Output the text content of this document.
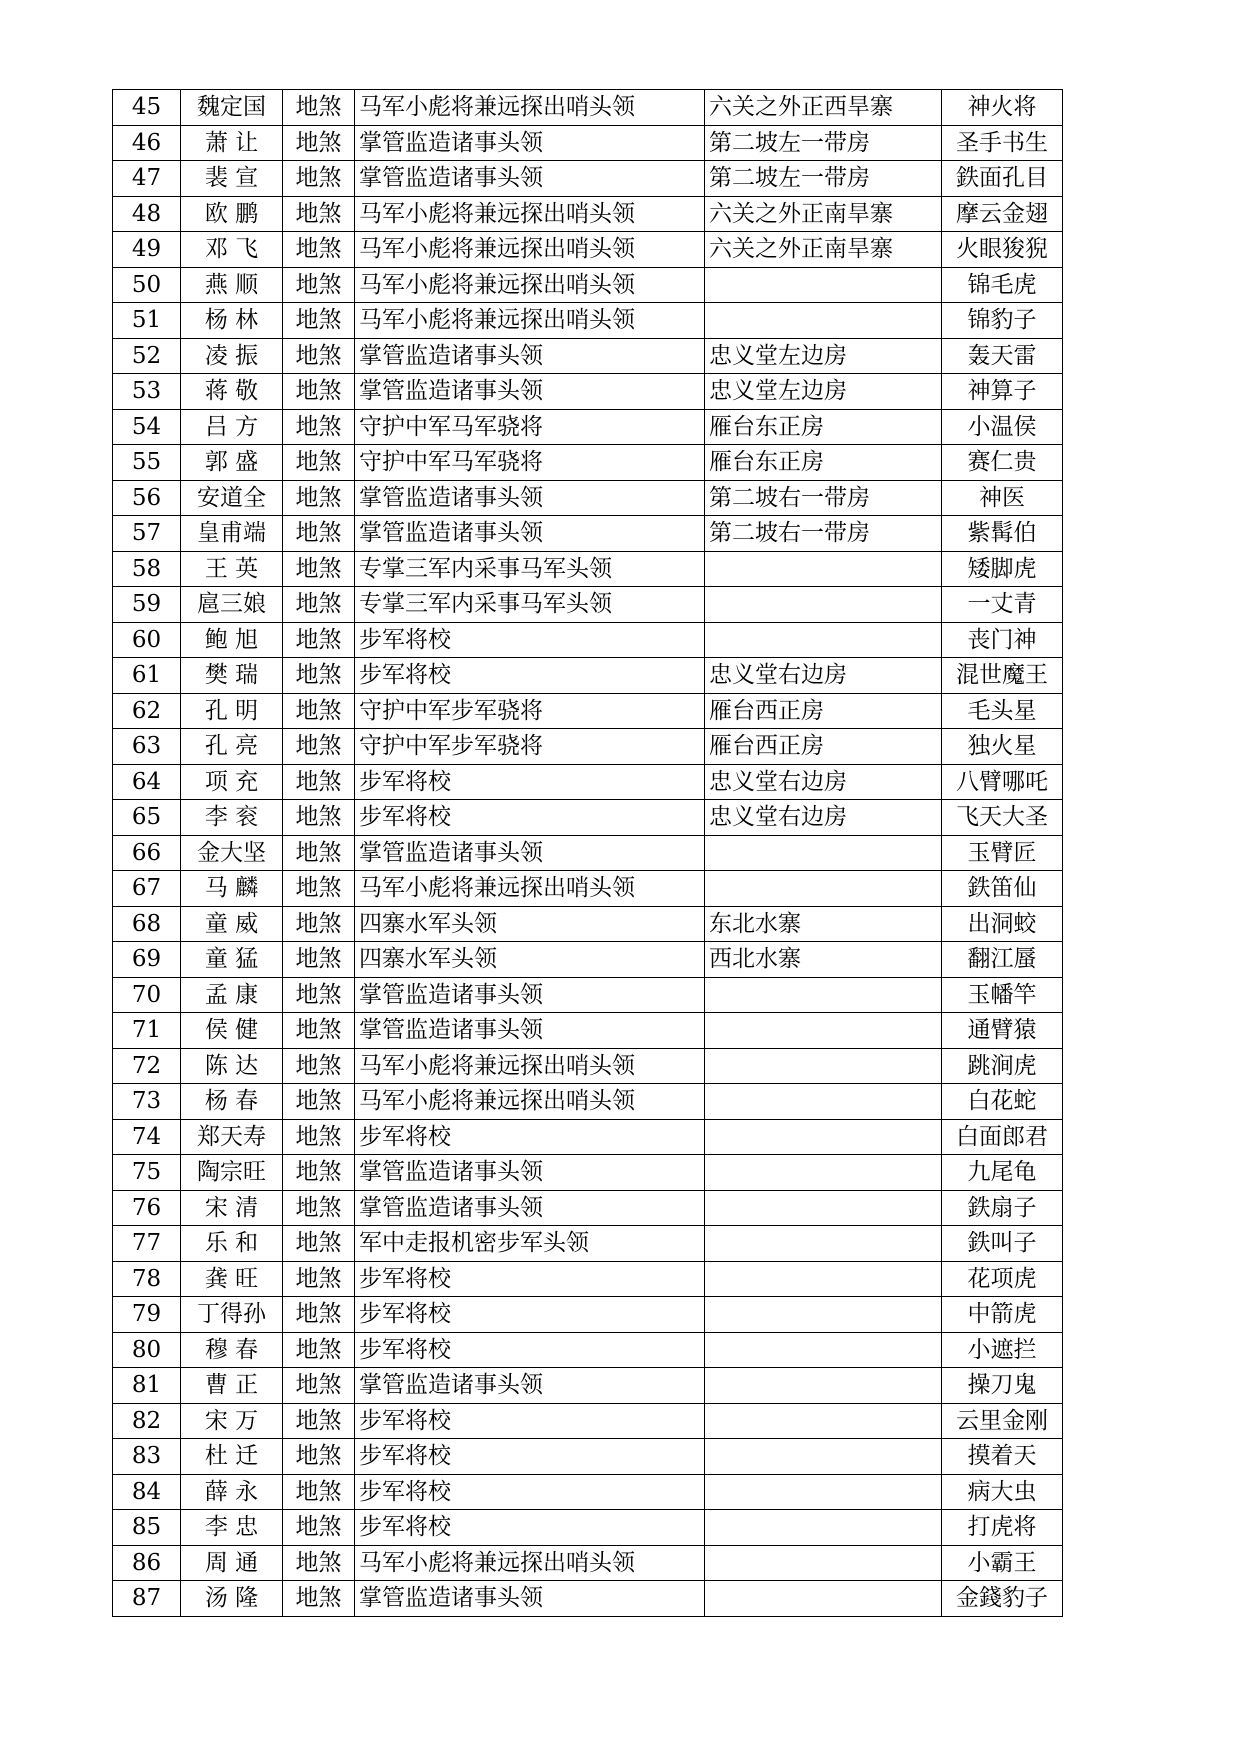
45	魏定国	地煞	马军小彪将兼远探出哨头领	六关之外正西旱寨	神火将
46	萧 让	地煞	掌管监造诸事头领	第二坡左一带房	圣手书生
47	裴 宣	地煞	掌管监造诸事头领	第二坡左一带房	鉄面孔目
48	欧 鹏	地煞	马军小彪将兼远探出哨头领	六关之外正南旱寨	摩云金翅
49	邓 飞	地煞	马军小彪将兼远探出哨头领	六关之外正南旱寨	火眼狻猊
50	燕 顺	地煞	马军小彪将兼远探出哨头领		锦毛虎
51	杨 林	地煞	马军小彪将兼远探出哨头领		锦豹子
52	凌 振	地煞	掌管监造诸事头领	忠义堂左边房	轰天雷
53	蒋 敬	地煞	掌管监造诸事头领	忠义堂左边房	神算子
54	吕 方	地煞	守护中军马军骁将	雁台东正房	小温侯
55	郭 盛	地煞	守护中军马军骁将	雁台东正房	赛仁贵
56	安道全	地煞	掌管监造诸事头领	第二坡右一带房	神医
57	皇甫端	地煞	掌管监造诸事头领	第二坡右一带房	紫髯伯
58	王 英	地煞	专掌三军内采事马军头领		矮脚虎
59	扈三娘	地煞	专掌三军内采事马军头领		一丈青
60	鲍 旭	地煞	步军将校		丧门神
61	樊 瑞	地煞	步军将校	忠义堂右边房	混世魔王
62	孔 明	地煞	守护中军步军骁将	雁台西正房	毛头星
63	孔 亮	地煞	守护中军步军骁将	雁台西正房	独火星
64	项 充	地煞	步军将校	忠义堂右边房	八臂哪吒
65	李 衮	地煞	步军将校	忠义堂右边房	飞天大圣
66	金大坚	地煞	掌管监造诸事头领		玉臂匠
67	马 麟	地煞	马军小彪将兼远探出哨头领		鉄笛仙
68	童 威	地煞	四寨水军头领	东北水寨	出洞蛟
69	童 猛	地煞	四寨水军头领	西北水寨	翻江蜃
70	孟 康	地煞	掌管监造诸事头领		玉幡竿
71	侯 健	地煞	掌管监造诸事头领		通臂猿
72	陈 达	地煞	马军小彪将兼远探出哨头领		跳涧虎
73	杨 春	地煞	马军小彪将兼远探出哨头领		白花蛇
74	郑天寿	地煞	步军将校		白面郎君
75	陶宗旺	地煞	掌管监造诸事头领		九尾龟
76	宋 清	地煞	掌管监造诸事头领		鉄扇子
77	乐 和	地煞	军中走报机密步军头领		鉄叫子
78	龚 旺	地煞	步军将校		花项虎
79	丁得孙	地煞	步军将校		中箭虎
80	穆 春	地煞	步军将校		小遮拦
81	曹 正	地煞	掌管监造诸事头领		操刀鬼
82	宋 万	地煞	步军将校		云里金刚
83	杜 迁	地煞	步军将校		摸着天
84	薛 永	地煞	步军将校		病大虫
85	李 忠	地煞	步军将校		打虎将
86	周 通	地煞	马军小彪将兼远探出哨头领		小霸王
87	汤 隆	地煞	掌管监造诸事头领		金錢豹子
